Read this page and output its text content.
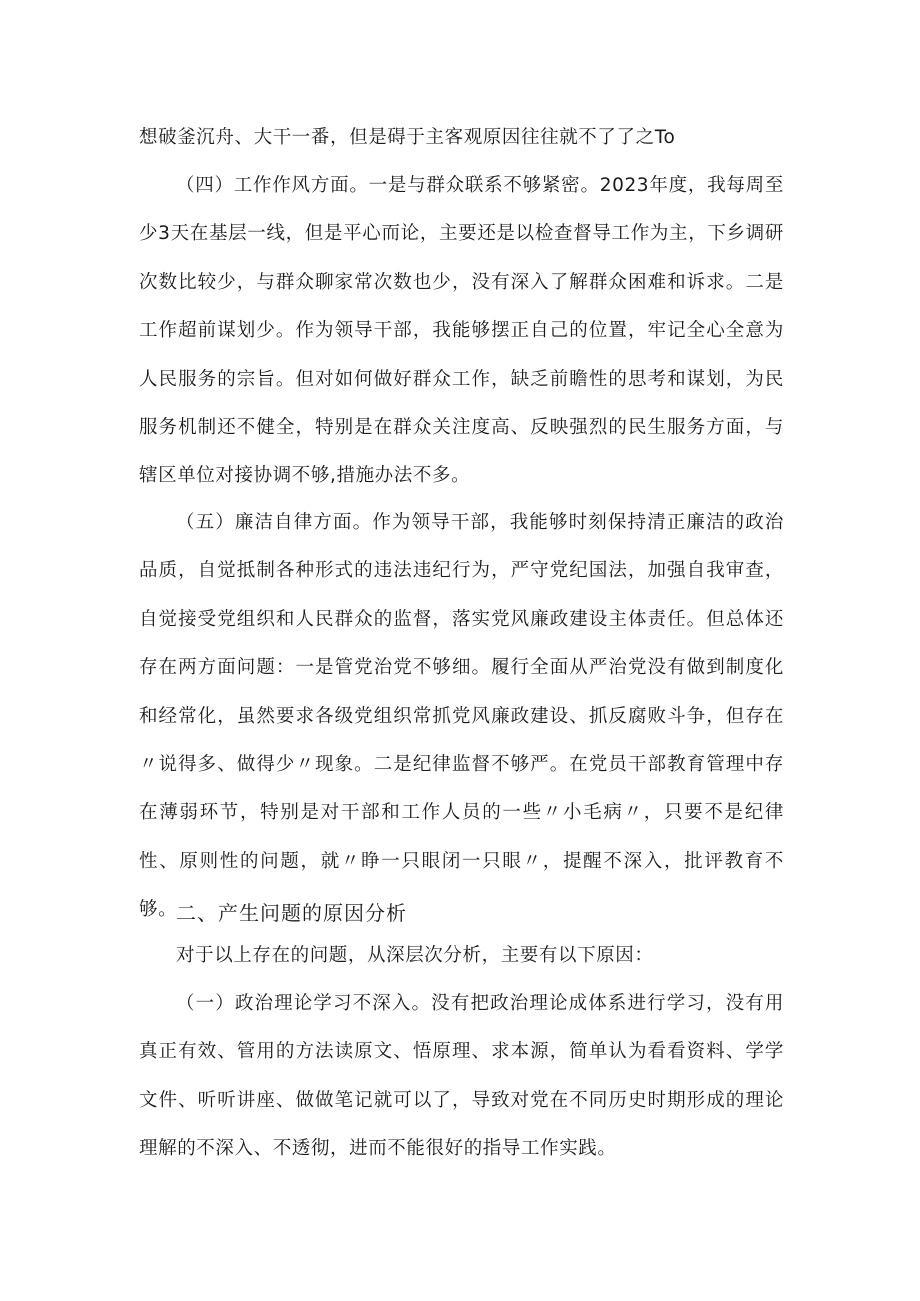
想破釜沉舟、大干一番，但是碍于主客观原因往往就不了了之To

（四）工作作风方面。一是与群众联系不够紧密。2023年度，我每周至少3天在基层一线，但是平心而论，主要还是以检查督导工作为主，下乡调研次数比较少，与群众聊家常次数也少，没有深入了解群众困难和诉求。二是工作超前谋划少。作为领导干部，我能够摆正自己的位置，牢记全心全意为人民服务的宗旨。但对如何做好群众工作，缺乏前瞻性的思考和谋划，为民服务机制还不健全，特别是在群众关注度高、反映强烈的民生服务方面，与辖区单位对接协调不够,措施办法不多。

（五）廉洁自律方面。作为领导干部，我能够时刻保持清正廉洁的政治品质，自觉抵制各种形式的违法违纪行为，严守党纪国法，加强自我审查，自觉接受党组织和人民群众的监督，落实党风廉政建设主体责任。但总体还存在两方面问题：一是管党治党不够细。履行全面从严治党没有做到制度化和经常化，虽然要求各级党组织常抓党风廉政建设、抓反腐败斗争，但存在〃说得多、做得少〃现象。二是纪律监督不够严。在党员干部教育管理中存在薄弱环节，特别是对干部和工作人员的一些〃小毛病〃，只要不是纪律性、原则性的问题，就〃睁一只眼闭一只眼〃，提醒不深入，批评教育不够。

二、产生问题的原因分析

对于以上存在的问题，从深层次分析，主要有以下原因：

（一）政治理论学习不深入。没有把政治理论成体系进行学习，没有用真正有效、管用的方法读原文、悟原理、求本源，简单认为看看资料、学学文件、听听讲座、做做笔记就可以了，导致对党在不同历史时期形成的理论理解的不深入、不透彻，进而不能很好的指导工作实践。
